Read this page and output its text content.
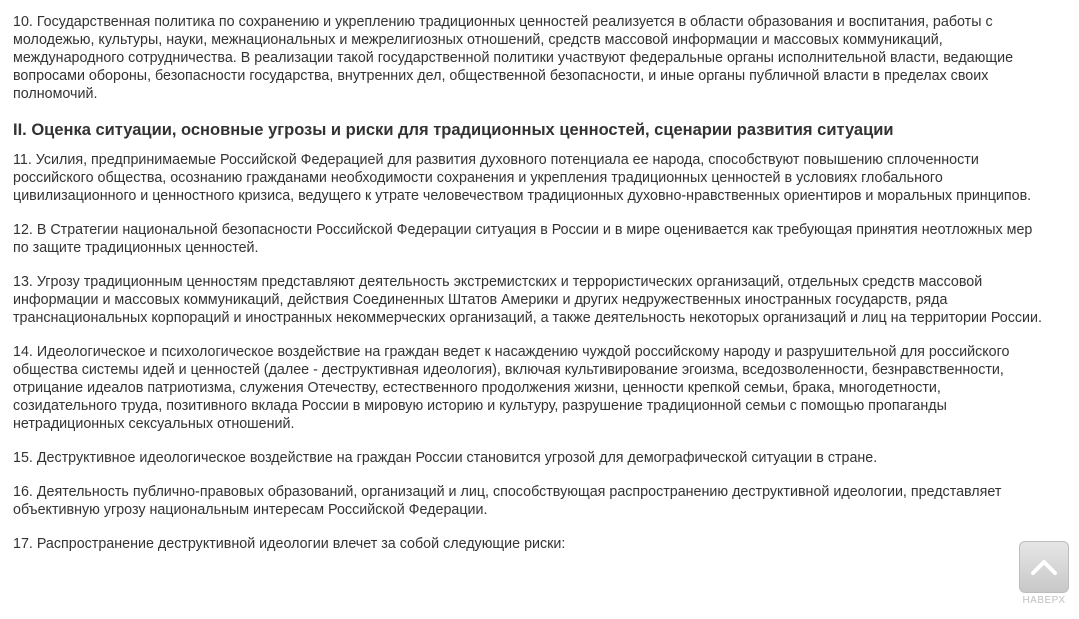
10. Государственная политика по сохранению и укреплению традиционных ценностей реализуется в области образования и воспитания, работы с молодежью, культуры, науки, межнациональных и межрелигиозных отношений, средств массовой информации и массовых коммуникаций, международного сотрудничества. В реализации такой государственной политики участвуют федеральные органы исполнительной власти, ведающие вопросами обороны, безопасности государства, внутренних дел, общественной безопасности, и иные органы публичной власти в пределах своих полномочий.

II. Оценка ситуации, основные угрозы и риски для традиционных ценностей, сценарии развития ситуации

11. Усилия, предпринимаемые Российской Федерацией для развития духовного потенциала ее народа, способствуют повышению сплоченности российского общества, осознанию гражданами необходимости сохранения и укрепления традиционных ценностей в условиях глобального цивилизационного и ценностного кризиса, ведущего к утрате человечеством традиционных духовно-нравственных ориентиров и моральных принципов.

12. В Стратегии национальной безопасности Российской Федерации ситуация в России и в мире оценивается как требующая принятия неотложных мер по защите традиционных ценностей.

13. Угрозу традиционным ценностям представляют деятельность экстремистских и террористических организаций, отдельных средств массовой информации и массовых коммуникаций, действия Соединенных Штатов Америки и других недружественных иностранных государств, ряда транснациональных корпораций и иностранных некоммерческих организаций, а также деятельность некоторых организаций и лиц на территории России.

14. Идеологическое и психологическое воздействие на граждан ведет к насаждению чуждой российскому народу и разрушительной для российского общества системы идей и ценностей (далее - деструктивная идеология), включая культивирование эгоизма, вседозволенности, безнравственности, отрицание идеалов патриотизма, служения Отечеству, естественного продолжения жизни, ценности крепкой семьи, брака, многодетности, созидательного труда, позитивного вклада России в мировую историю и культуру, разрушение традиционной семьи с помощью пропаганды нетрадиционных сексуальных отношений.

15. Деструктивное идеологическое воздействие на граждан России становится угрозой для демографической ситуации в стране.

16. Деятельность публично-правовых образований, организаций и лиц, способствующая распространению деструктивной идеологии, представляет объективную угрозу национальным интересам Российской Федерации.

17. Распространение деструктивной идеологии влечет за собой следующие риски:

НАВЕРХ
